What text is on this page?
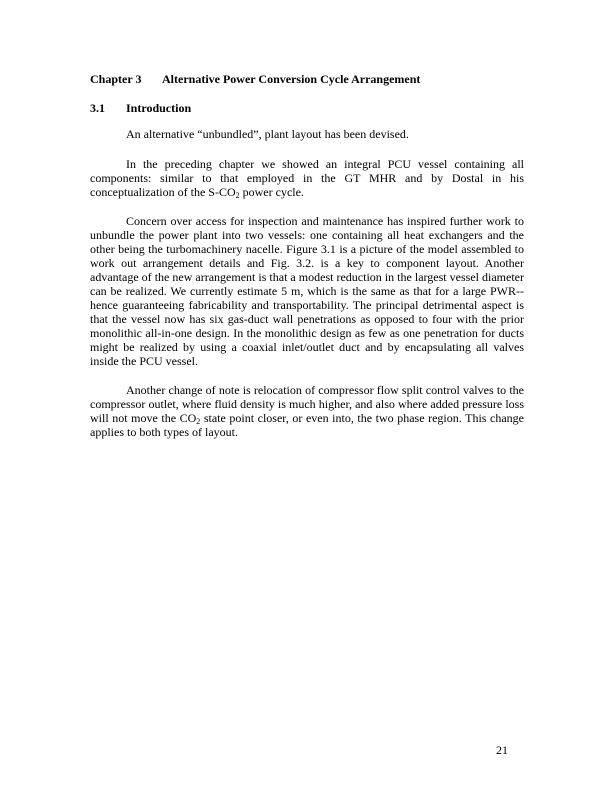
Chapter 3 Alternative Power Conversion Cycle Arrangement
3.1 Introduction

An alternative “unbundled”, plant layout has been devised.

In the preceding chapter we showed an integral PCU vessel containing all components: similar to that employed in the GT MHR and by Dostal in his conceptualization of the $S-CO_2$ power cycle.

Concern over access for inspection and maintenance has inspired further work to unbundle the power plant into two vessels: one containing all heat exchangers and the other being the turbomachinery nacelle. Figure 3.1 is a picture of the model assembled to work out arrangement details and Fig. 3.2. is a key to component layout. Another advantage of the new arrangement is that a modest reduction in the largest vessel diameter can be realized. We currently estimate 5 m, which is the same as that for a large PWR--hence guaranteeing fabricability and transportability. The principal detrimental aspect is that the vessel now has six gas-duct wall penetrations as opposed to four with the prior monolithic all-in-one design. In the monolithic design as few as one penetration for ducts might be realized by using a coaxial inlet/outlet duct and by encapsulating all valves inside the PCU vessel.

Another change of note is relocation of compressor flow split control valves to the compressor outlet, where fluid density is much higher, and also where added pressure loss will not move the $CO_2$ state point closer, or even into, the two phase region. This change applies to both types of layout.

21
